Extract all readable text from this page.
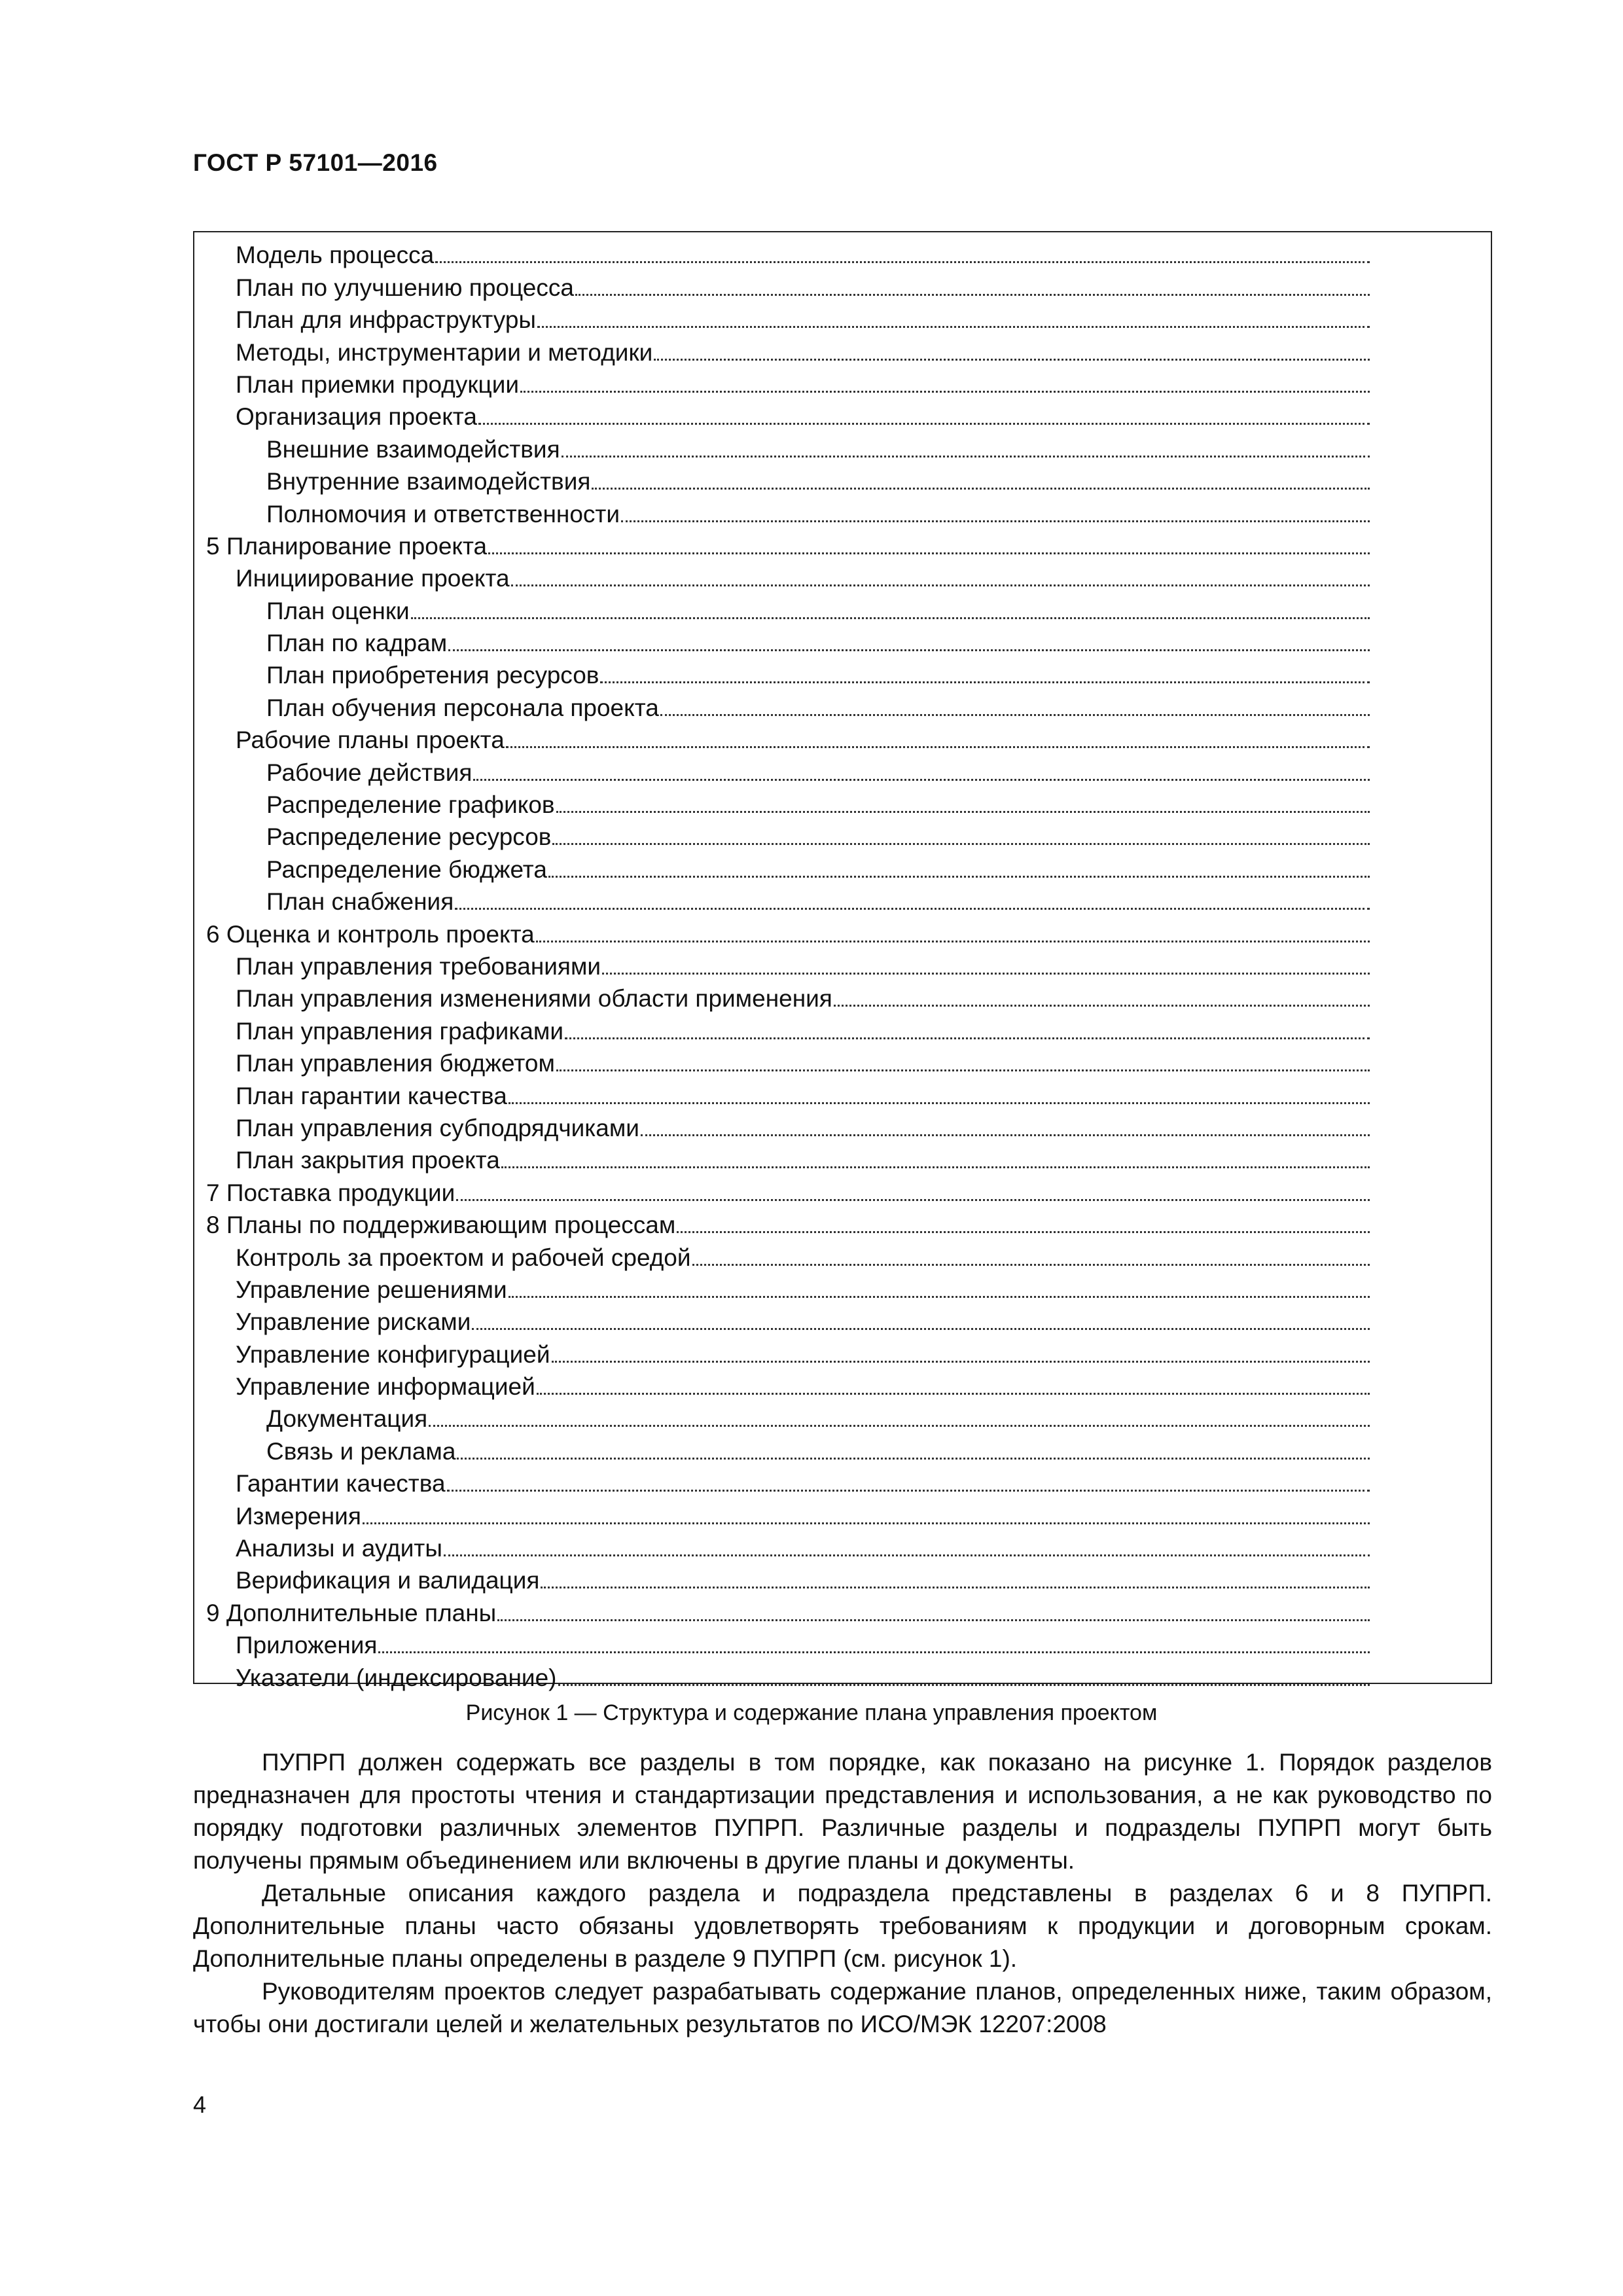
ГОСТ Р 57101—2016
Модель процесса
План по улучшению процесса
План для инфраструктуры
Методы, инструментарии и методики
План приемки продукции
Организация проекта
Внешние взаимодействия
Внутренние взаимодействия
Полномочия и ответственности
5 Планирование проекта
Инициирование проекта
План оценки
План по кадрам
План приобретения ресурсов
План обучения персонала проекта
Рабочие планы проекта
Рабочие действия
Распределение графиков
Распределение ресурсов
Распределение бюджета
План снабжения
6 Оценка и контроль проекта
План управления требованиями
План управления изменениями области применения
План управления графиками
План управления бюджетом
План гарантии качества
План управления субподрядчиками
План закрытия проекта
7 Поставка продукции
8 Планы по поддерживающим процессам
Контроль за проектом и рабочей средой
Управление решениями
Управление рисками
Управление конфигурацией
Управление информацией
Документация
Связь и реклама
Гарантии качества
Измерения
Анализы и аудиты
Верификация и валидация
9 Дополнительные планы
Приложения
Указатели (индексирование)
Рисунок 1 — Структура и содержание плана управления проектом
ПУПРП должен содержать все разделы в том порядке, как показано на рисунке 1. Порядок разделов предназначен для простоты чтения и стандартизации представления и использования, а не как руководство по порядку подготовки различных элементов ПУПРП. Различные разделы и подразделы ПУПРП могут быть получены прямым объединением или включены в другие планы и документы.
Детальные описания каждого раздела и подраздела представлены в разделах 6 и 8 ПУПРП. Дополнительные планы часто обязаны удовлетворять требованиям к продукции и договорным срокам. Дополнительные планы определены в разделе 9 ПУПРП (см. рисунок 1).
Руководителям проектов следует разрабатывать содержание планов, определенных ниже, таким образом, чтобы они достигали целей и желательных результатов по ИСО/МЭК 12207:2008
4
